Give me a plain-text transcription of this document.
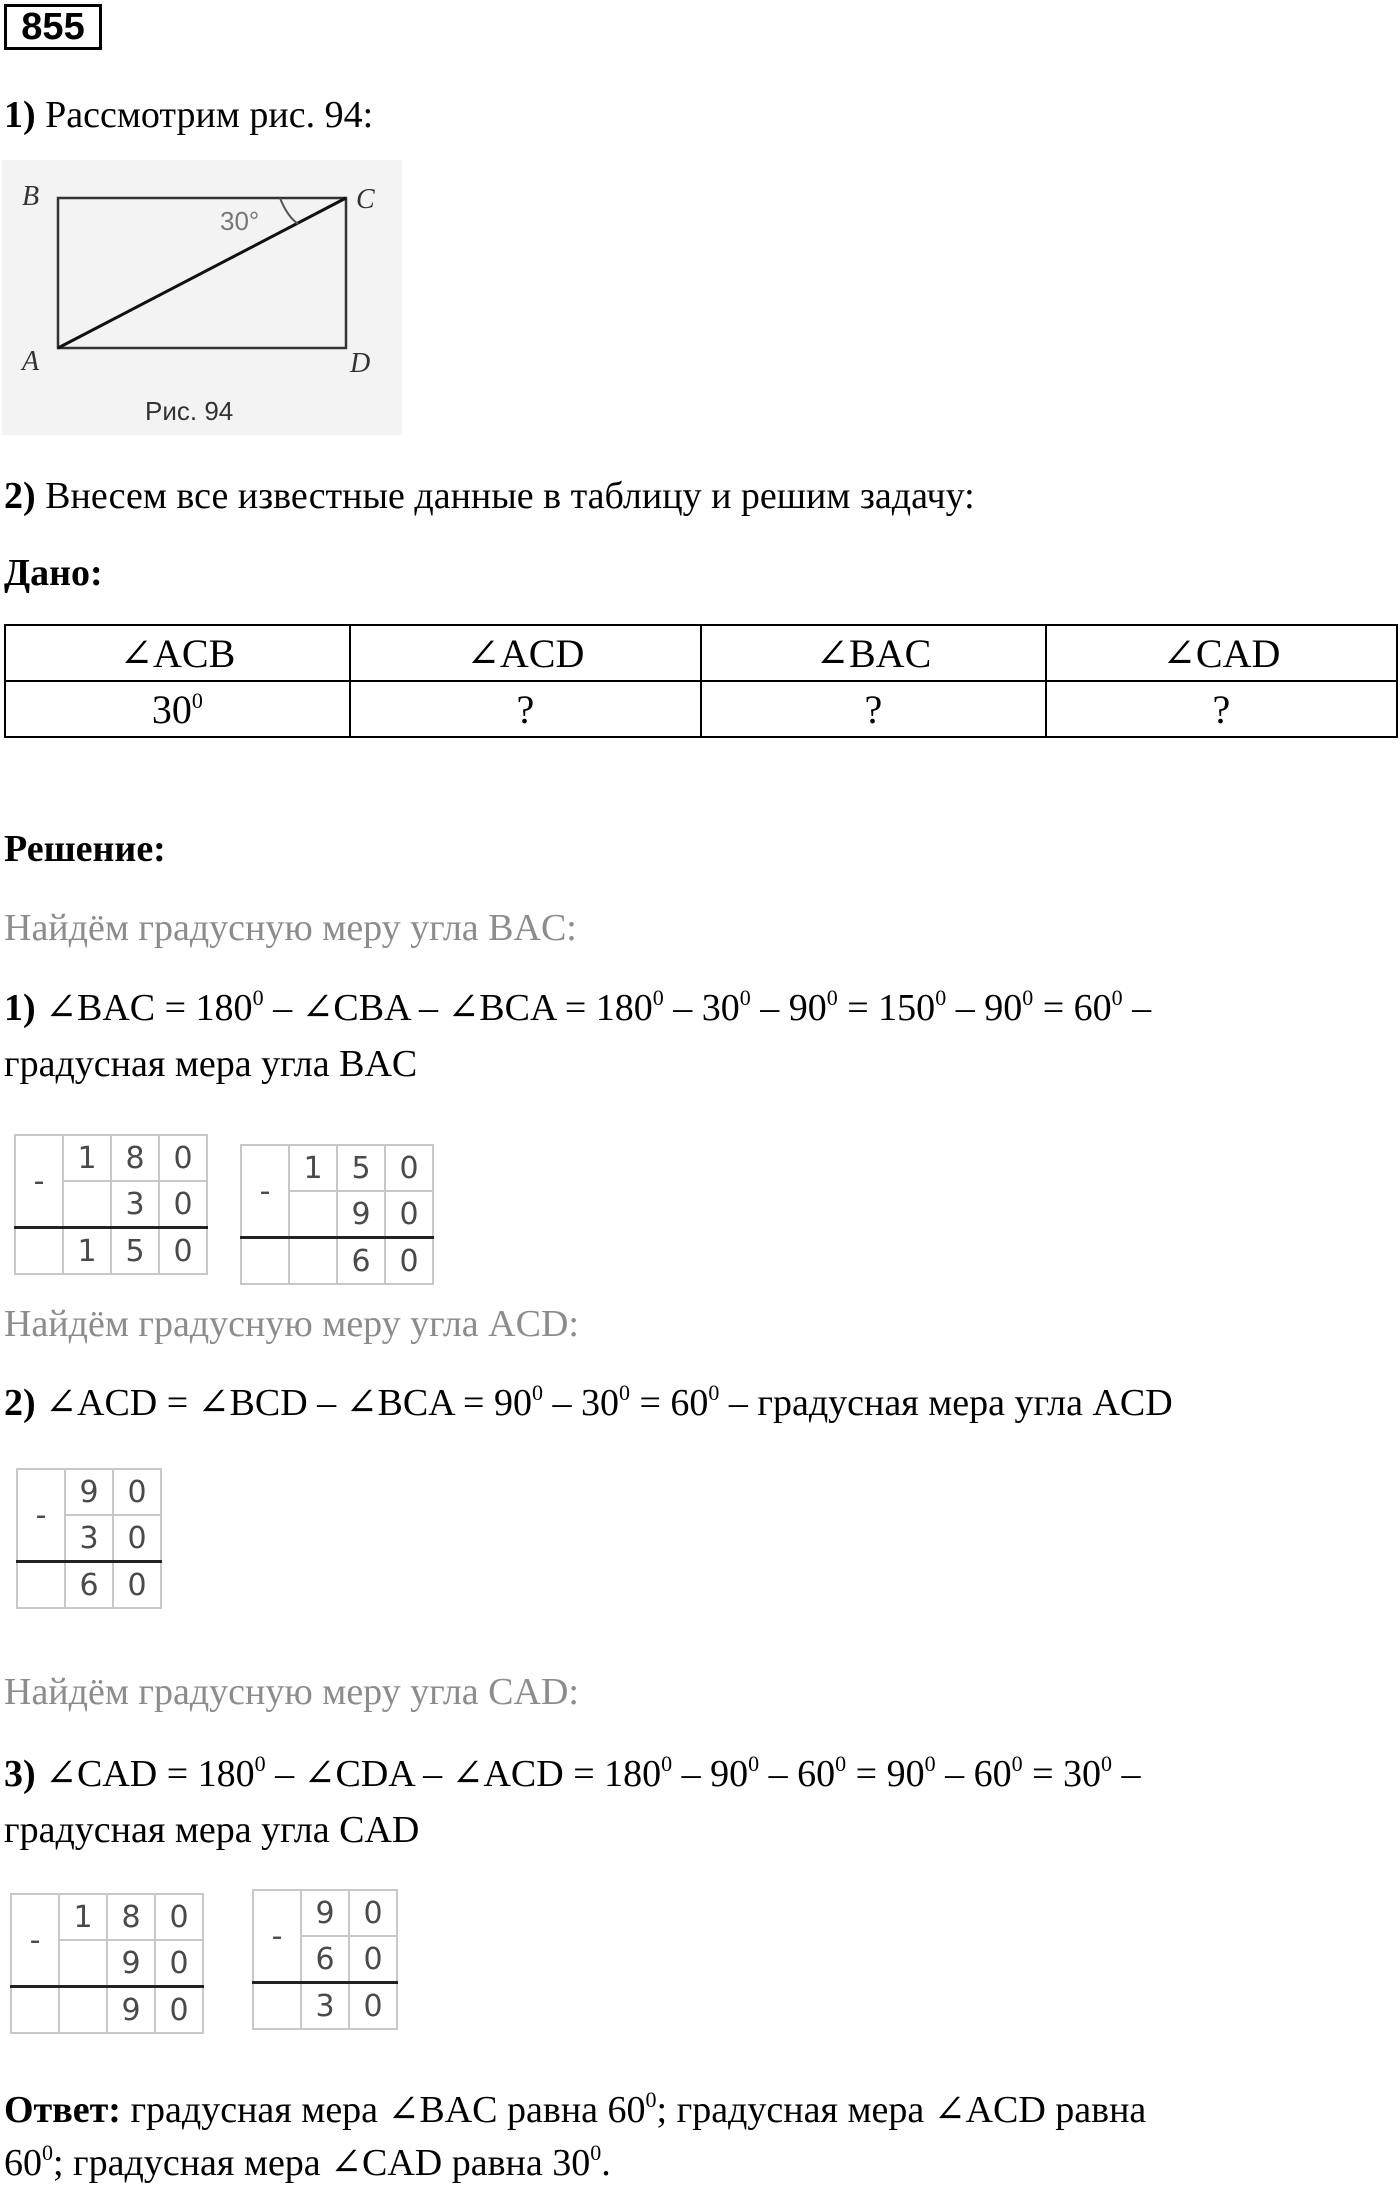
855
1) Рассмотрим рис. 94:
B	C
A	D
30°
Рис. 94
2) Внесем все известные данные в таблицу и решим задачу:
Дано:
∠ACB	∠ACD	∠BAC	∠CAD
$30^0$	?	?	?
Решение:
Найдём градусную меру угла BAC:
1) ∠BAC = $180^0$ – ∠CBA – ∠BCA = $180^0 - 30^0 - 90^0 = 150^0 - 90^0 = 60^0$ –
градусная мера угла BAC
-	1	8	0
		3	0
	1	5	0
-	1	5	0
		9	0
		6	0
Найдём градусную меру угла ACD:
2) ∠ACD = ∠BCD – ∠BCA = $90^0 - 30^0 = 60^0$ – градусная мера угла ACD
-	9	0
	3	0
	6	0
Найдём градусную меру угла CAD:
3) ∠CAD = $180^0$ – ∠CDA – ∠ACD = $180^0 - 90^0 - 60^0 = 90^0 - 60^0 = 30^0$ –
градусная мера угла CAD
-	1	8	0
		9	0
		9	0
-	9	0
	6	0
	3	0
Ответ: градусная мера ∠BAC равна $60^0$; градусная мера ∠ACD равна
$60^0$; градусная мера ∠CAD равна $30^0$.
